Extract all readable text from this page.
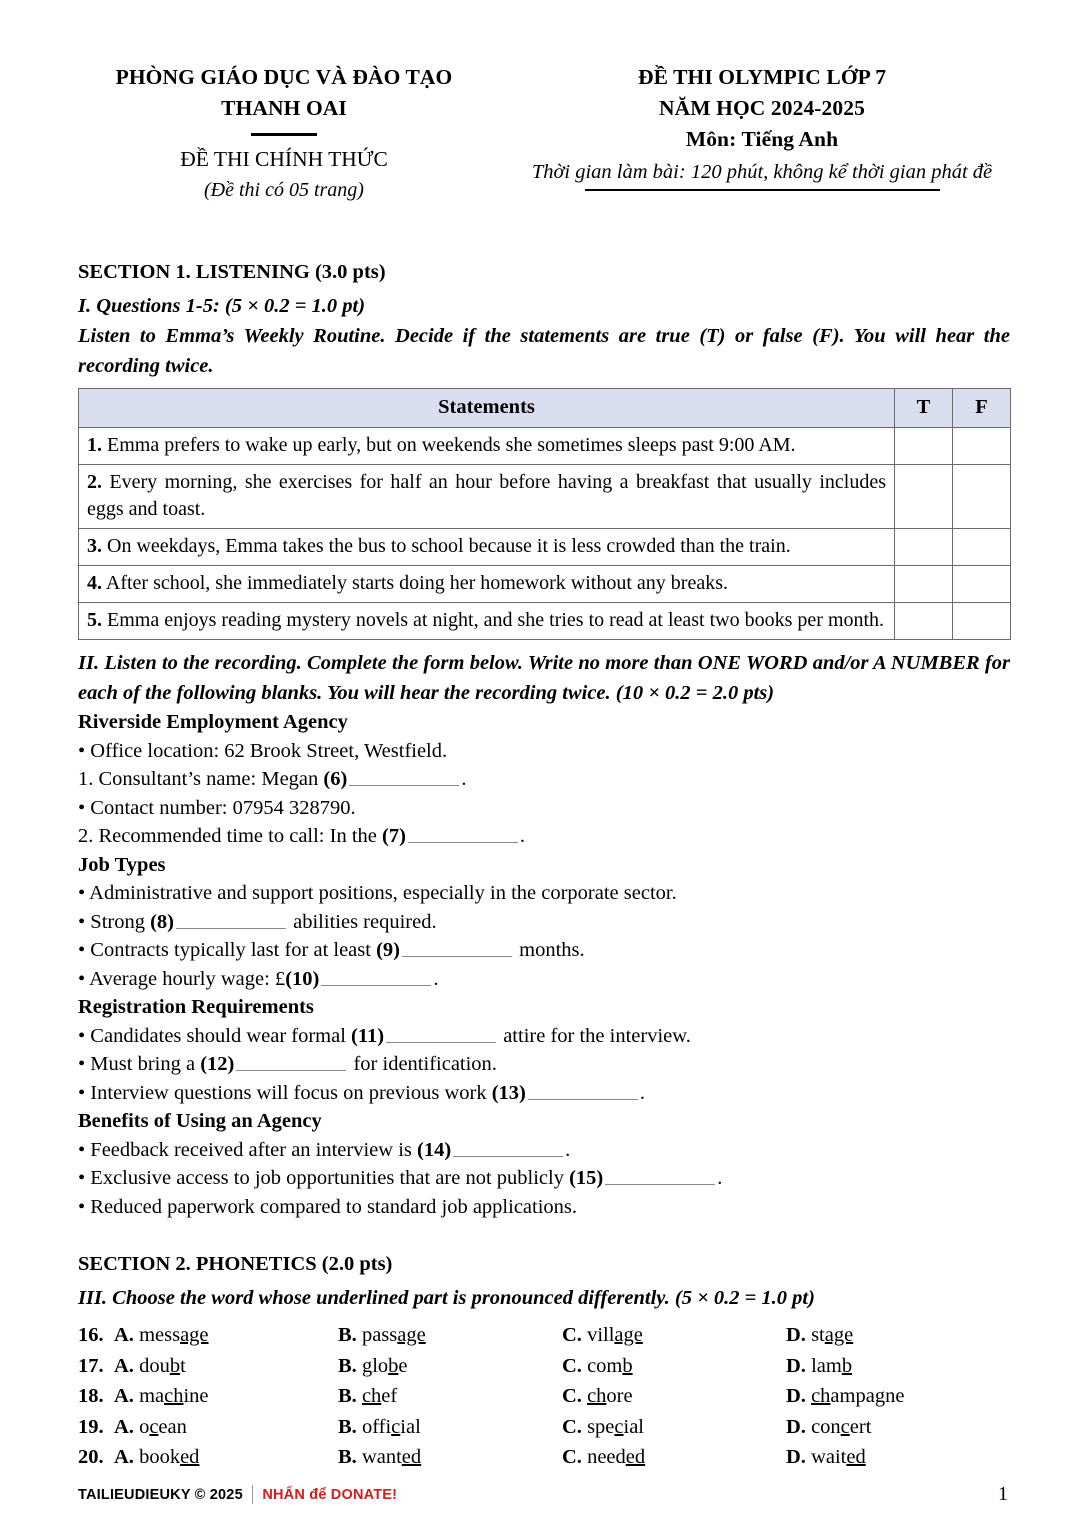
PHÒNG GIÁO DỤC VÀ ĐÀO TẠO
THANH OAI
ĐỀ THI CHÍNH THỨC
(Đề thi có 05 trang)
ĐỀ THI OLYMPIC LỚP 7
NĂM HỌC 2024-2025
Môn: Tiếng Anh
Thời gian làm bài: 120 phút, không kể thời gian phát đề
SECTION 1. LISTENING (3.0 pts)
I. Questions 1-5: (5 × 0.2 = 1.0 pt)
Listen to Emma’s Weekly Routine. Decide if the statements are true (T) or false (F). You will hear the recording twice.
Statements	T	F
1. Emma prefers to wake up early, but on weekends she sometimes sleeps past 9:00 AM.		
2. Every morning, she exercises for half an hour before having a breakfast that usually includes eggs and toast.		
3. On weekdays, Emma takes the bus to school because it is less crowded than the train.		
4. After school, she immediately starts doing her homework without any breaks.		
5. Emma enjoys reading mystery novels at night, and she tries to read at least two books per month.		
II. Listen to the recording. Complete the form below. Write no more than ONE WORD and/or A NUMBER for each of the following blanks. You will hear the recording twice. (10 × 0.2 = 2.0 pts)
Riverside Employment Agency
• Office location: 62 Brook Street, Westfield.
1. Consultant’s name: Megan (6)	.
• Contact number: 07954 328790.
2. Recommended time to call: In the (7)	.
Job Types
• Administrative and support positions, especially in the corporate sector.
• Strong (8)	abilities required.
• Contracts typically last for at least (9)	months.
• Average hourly wage: £(10)	.
Registration Requirements
• Candidates should wear formal (11)	attire for the interview.
• Must bring a (12)	for identification.
• Interview questions will focus on previous work (13)	.
Benefits of Using an Agency
• Feedback received after an interview is (14)	.
• Exclusive access to job opportunities that are not publicly (15)	.
• Reduced paperwork compared to standard job applications.
SECTION 2. PHONETICS (2.0 pts)
III. Choose the word whose underlined part is pronounced differently. (5 × 0.2 = 1.0 pt)
16. A. message	B. passage	C. village	D. stage
17. A. doubt	B. globe	C. comb	D. lamb
18. A. machine	B. chef	C. chore	D. champagne
19. A. ocean	B. official	C. special	D. concert
20. A. booked	B. wanted	C. needed	D. waited
TAILIEUDIEUKY © 2025 NHẤN để DONATE!	1
